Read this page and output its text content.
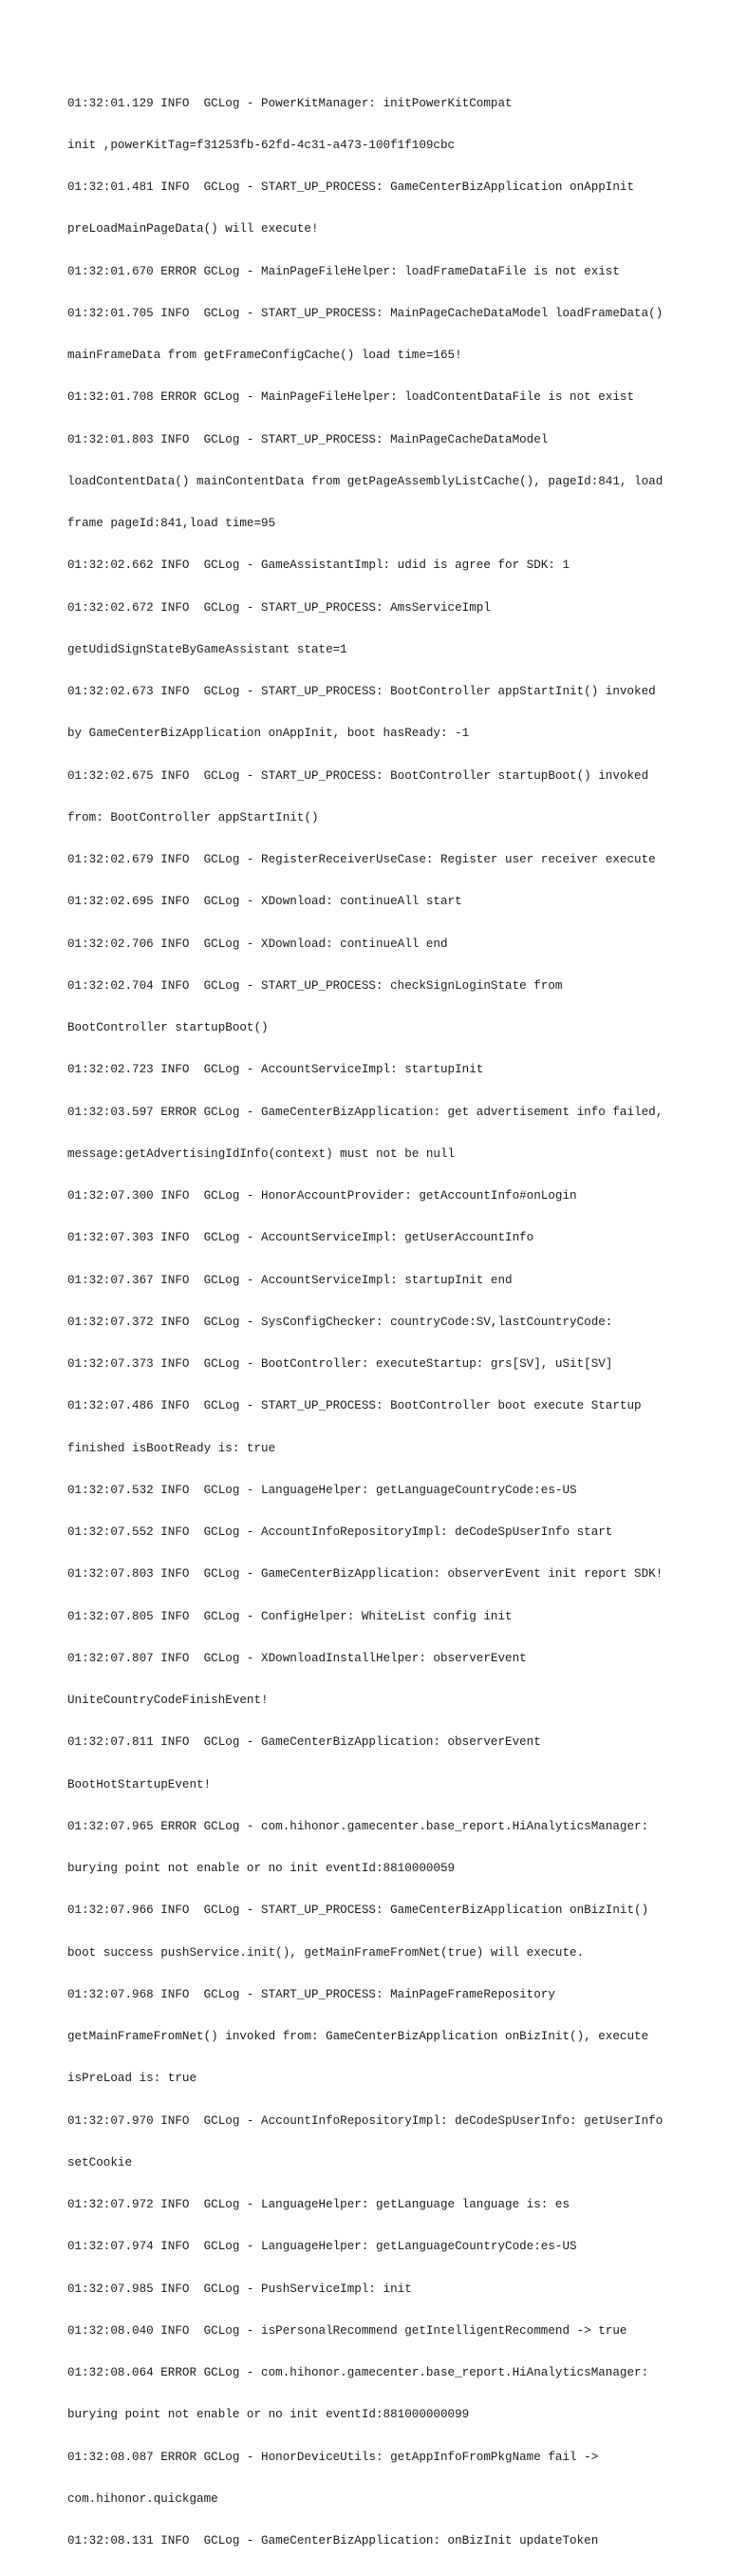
01:32:01.129 INFO  GCLog - PowerKitManager: initPowerKitCompat

init ,powerKitTag=f31253fb-62fd-4c31-a473-100f1f109cbc

01:32:01.481 INFO  GCLog - START_UP_PROCESS: GameCenterBizApplication onAppInit

preLoadMainPageData() will execute!

01:32:01.670 ERROR GCLog - MainPageFileHelper: loadFrameDataFile is not exist

01:32:01.705 INFO  GCLog - START_UP_PROCESS: MainPageCacheDataModel loadFrameData()

mainFrameData from getFrameConfigCache() load time=165!

01:32:01.708 ERROR GCLog - MainPageFileHelper: loadContentDataFile is not exist

01:32:01.803 INFO  GCLog - START_UP_PROCESS: MainPageCacheDataModel

loadContentData() mainContentData from getPageAssemblyListCache(), pageId:841, load

frame pageId:841,load time=95

01:32:02.662 INFO  GCLog - GameAssistantImpl: udid is agree for SDK: 1

01:32:02.672 INFO  GCLog - START_UP_PROCESS: AmsServiceImpl

getUdidSignStateByGameAssistant state=1

01:32:02.673 INFO  GCLog - START_UP_PROCESS: BootController appStartInit() invoked

by GameCenterBizApplication onAppInit, boot hasReady: -1

01:32:02.675 INFO  GCLog - START_UP_PROCESS: BootController startupBoot() invoked

from: BootController appStartInit()

01:32:02.679 INFO  GCLog - RegisterReceiverUseCase: Register user receiver execute

01:32:02.695 INFO  GCLog - XDownload: continueAll start

01:32:02.706 INFO  GCLog - XDownload: continueAll end

01:32:02.704 INFO  GCLog - START_UP_PROCESS: checkSignLoginState from

BootController startupBoot()

01:32:02.723 INFO  GCLog - AccountServiceImpl: startupInit

01:32:03.597 ERROR GCLog - GameCenterBizApplication: get advertisement info failed,

message:getAdvertisingIdInfo(context) must not be null

01:32:07.300 INFO  GCLog - HonorAccountProvider: getAccountInfo#onLogin

01:32:07.303 INFO  GCLog - AccountServiceImpl: getUserAccountInfo

01:32:07.367 INFO  GCLog - AccountServiceImpl: startupInit end

01:32:07.372 INFO  GCLog - SysConfigChecker: countryCode:SV,lastCountryCode:

01:32:07.373 INFO  GCLog - BootController: executeStartup: grs[SV], uSit[SV]

01:32:07.486 INFO  GCLog - START_UP_PROCESS: BootController boot execute Startup

finished isBootReady is: true

01:32:07.532 INFO  GCLog - LanguageHelper: getLanguageCountryCode:es-US

01:32:07.552 INFO  GCLog - AccountInfoRepositoryImpl: deCodeSpUserInfo start

01:32:07.803 INFO  GCLog - GameCenterBizApplication: observerEvent init report SDK!

01:32:07.805 INFO  GCLog - ConfigHelper: WhiteList config init

01:32:07.807 INFO  GCLog - XDownloadInstallHelper: observerEvent

UniteCountryCodeFinishEvent!

01:32:07.811 INFO  GCLog - GameCenterBizApplication: observerEvent

BootHotStartupEvent!

01:32:07.965 ERROR GCLog - com.hihonor.gamecenter.base_report.HiAnalyticsManager:

burying point not enable or no init eventId:8810000059

01:32:07.966 INFO  GCLog - START_UP_PROCESS: GameCenterBizApplication onBizInit()

boot success pushService.init(), getMainFrameFromNet(true) will execute.

01:32:07.968 INFO  GCLog - START_UP_PROCESS: MainPageFrameRepository

getMainFrameFromNet() invoked from: GameCenterBizApplication onBizInit(), execute

isPreLoad is: true

01:32:07.970 INFO  GCLog - AccountInfoRepositoryImpl: deCodeSpUserInfo: getUserInfo

setCookie

01:32:07.972 INFO  GCLog - LanguageHelper: getLanguage language is: es

01:32:07.974 INFO  GCLog - LanguageHelper: getLanguageCountryCode:es-US

01:32:07.985 INFO  GCLog - PushServiceImpl: init

01:32:08.040 INFO  GCLog - isPersonalRecommend getIntelligentRecommend -> true

01:32:08.064 ERROR GCLog - com.hihonor.gamecenter.base_report.HiAnalyticsManager:

burying point not enable or no init eventId:881000000099

01:32:08.087 ERROR GCLog - HonorDeviceUtils: getAppInfoFromPkgName fail ->

com.hihonor.quickgame

01:32:08.131 INFO  GCLog - GameCenterBizApplication: onBizInit updateToken
